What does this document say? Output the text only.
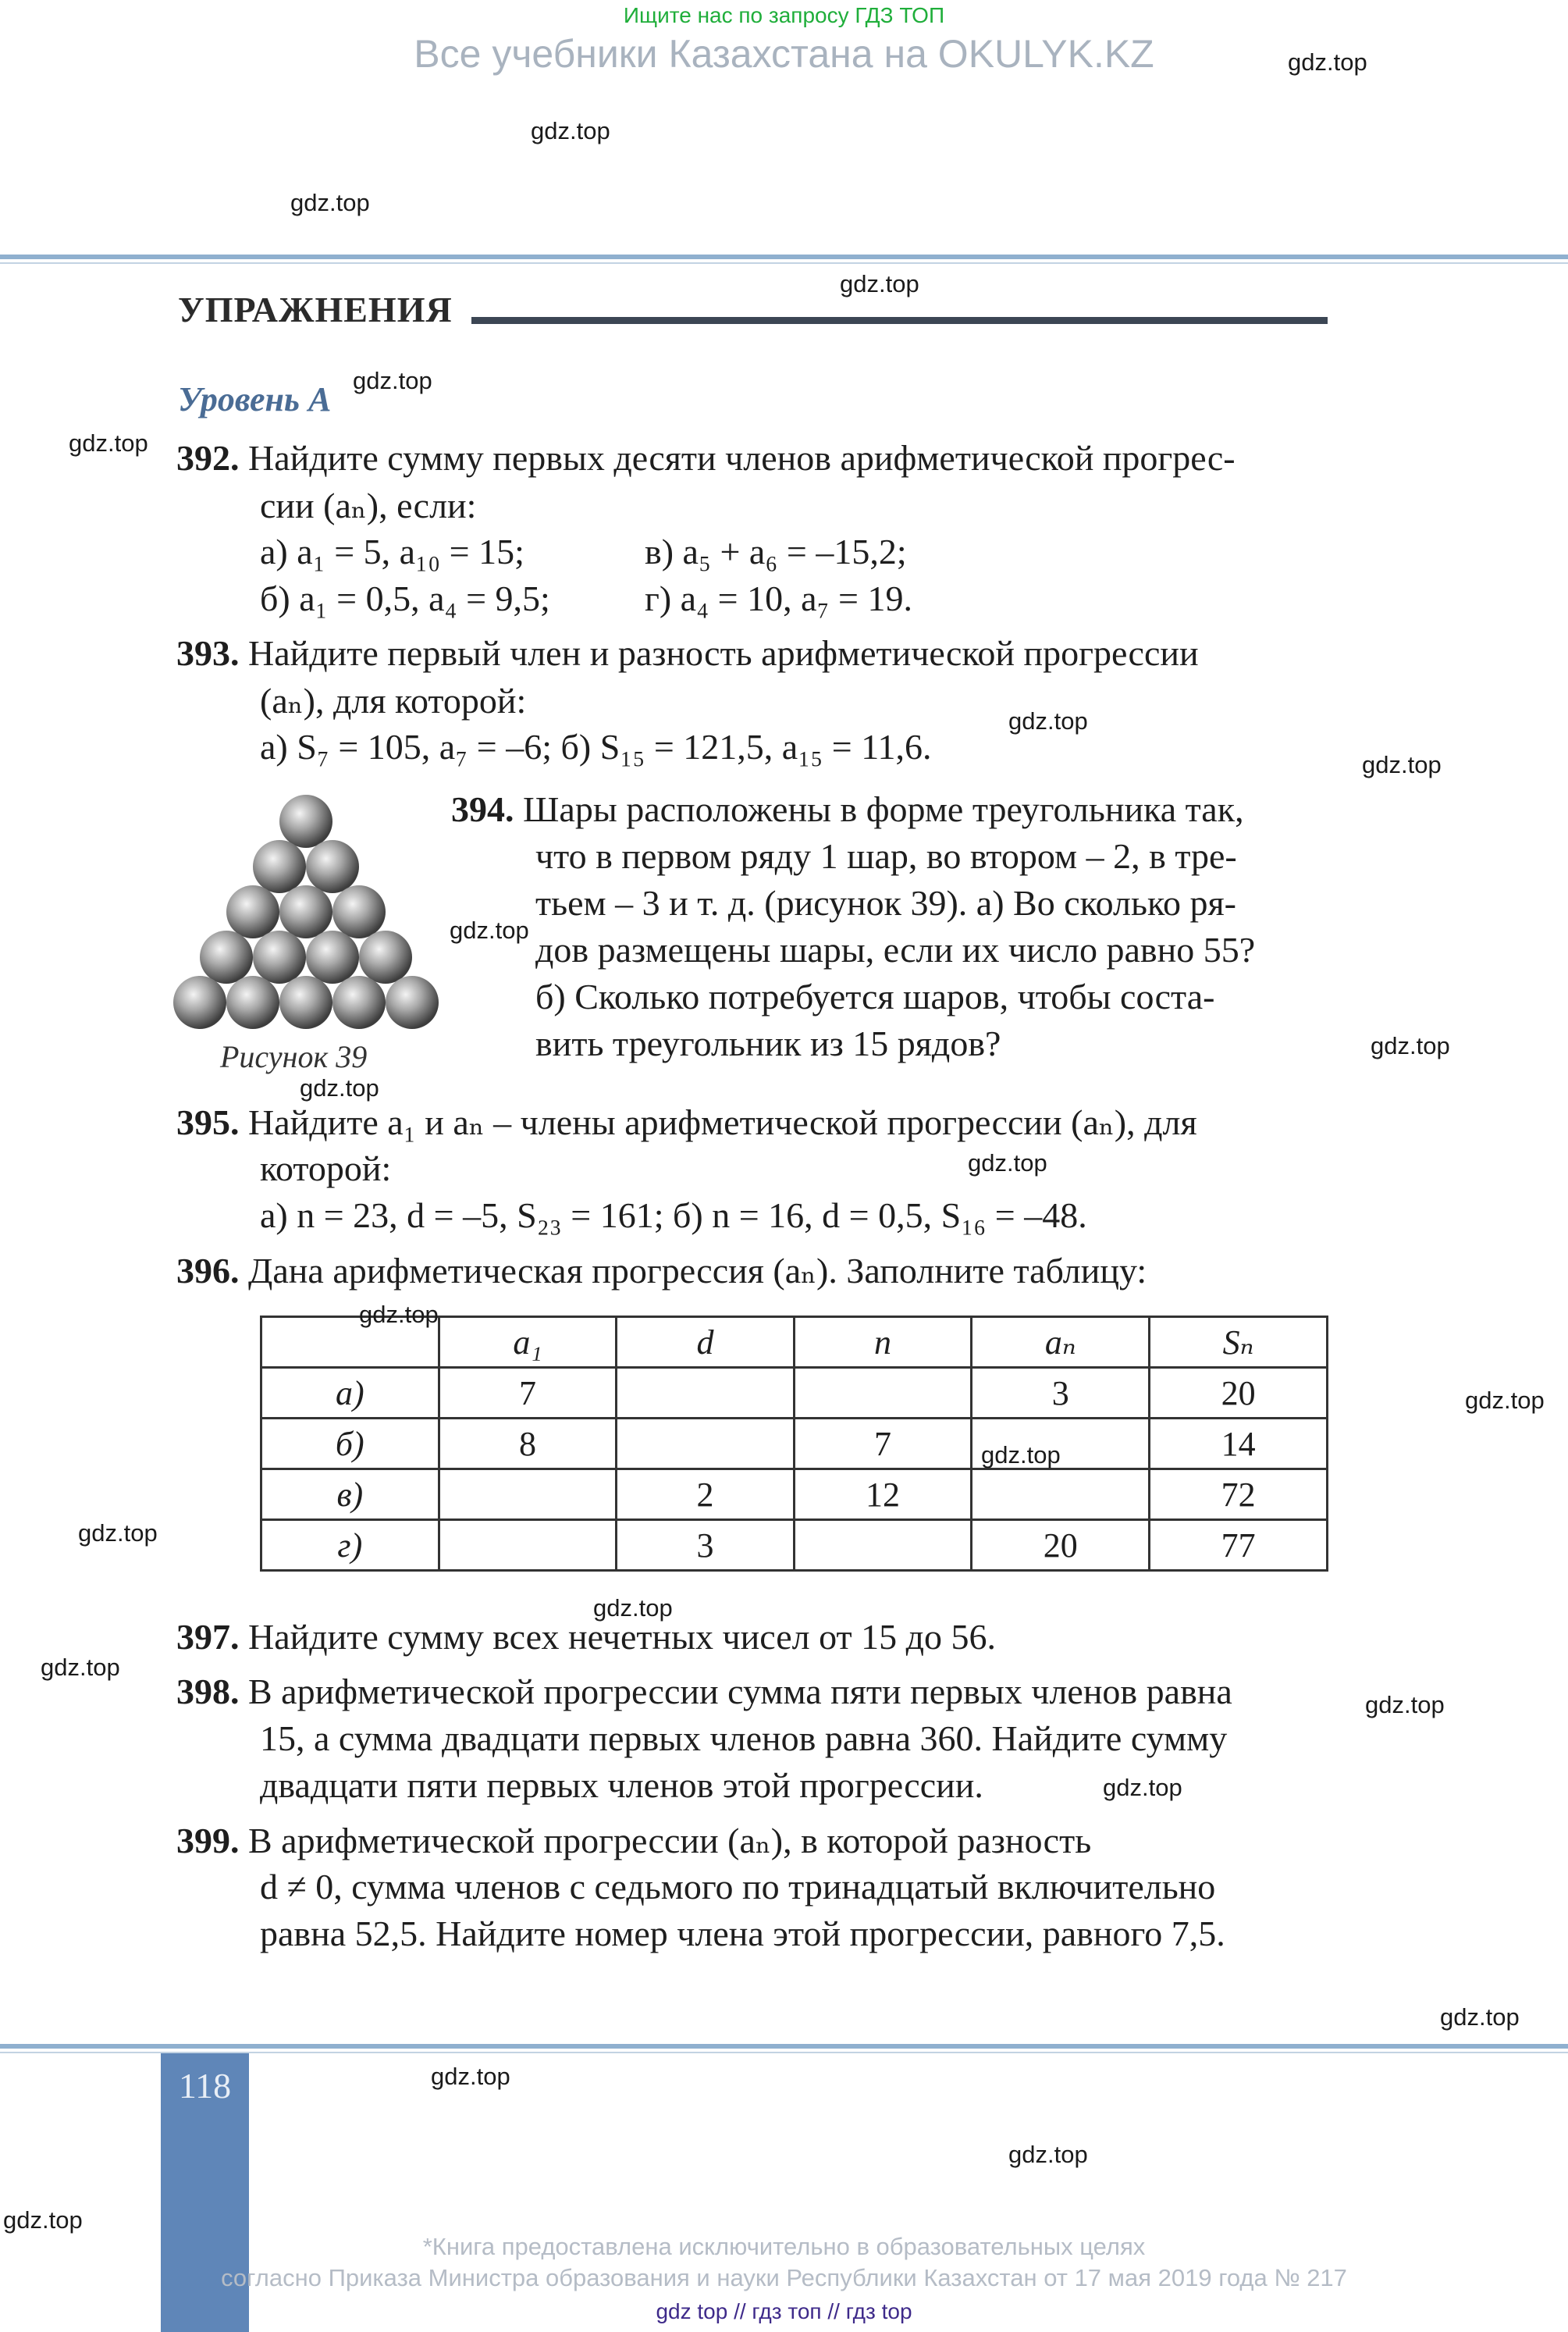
Ищите нас по запросу ГДЗ ТОП
Все учебники Казахстана на OKULYK.KZ
УПРАЖНЕНИЯ
Уровень А
392. Найдите сумму первых десяти членов арифметической прогрес-
сии (aₙ), если:
а) a₁ = 5, a₁₀ = 15;	в) a₅ + a₆ = –15,2;
б) a₁ = 0,5, a₄ = 9,5;	г) a₄ = 10, a₇ = 19.
393. Найдите первый член и разность арифметической прогрессии
(aₙ), для которой:
а) S₇ = 105, a₇ = –6; б) S₁₅ = 121,5, a₁₅ = 11,6.
Рисунок 39
394. Шары расположены в форме треугольника так,
что в первом ряду 1 шар, во втором – 2, в тре-
тьем – 3 и т. д. (рисунок 39). а) Во сколько ря-
дов размещены шары, если их число равно 55?
б) Сколько потребуется шаров, чтобы соста-
вить треугольник из 15 рядов?
395. Найдите a₁ и aₙ – члены арифметической прогрессии (aₙ), для
которой:
а) n = 23, d = –5, S₂₃ = 161; б) n = 16, d = 0,5, S₁₆ = –48.
396. Дана арифметическая прогрессия (aₙ). Заполните таблицу:
	a₁	d	n	aₙ	Sₙ
а)	7			3	20
б)	8		7		14
в)		2	12		72
г)		3		20	77
397. Найдите сумму всех нечетных чисел от 15 до 56.
398. В арифметической прогрессии сумма пяти первых членов равна
15, а сумма двадцати первых членов равна 360. Найдите сумму
двадцати пяти первых членов этой прогрессии.
399. В арифметической прогрессии (aₙ), в которой разность
d ≠ 0, сумма членов с седьмого по тринадцатый включительно
равна 52,5. Найдите номер члена этой прогрессии, равного 7,5.
118
*Книга предоставлена исключительно в образовательных целях
согласно Приказа Министра образования и науки Республики Казахстан от 17 мая 2019 года № 217
gdz top // гдз топ // гдз top
gdz.top
gdz.top
gdz.top
gdz.top
gdz.top
gdz.top
gdz.top
gdz.top
gdz.top
gdz.top
gdz.top
gdz.top
gdz.top
gdz.top
gdz.top
gdz.top
gdz.top
gdz.top
gdz.top
gdz.top
gdz.top
gdz.top
gdz.top
gdz.top
